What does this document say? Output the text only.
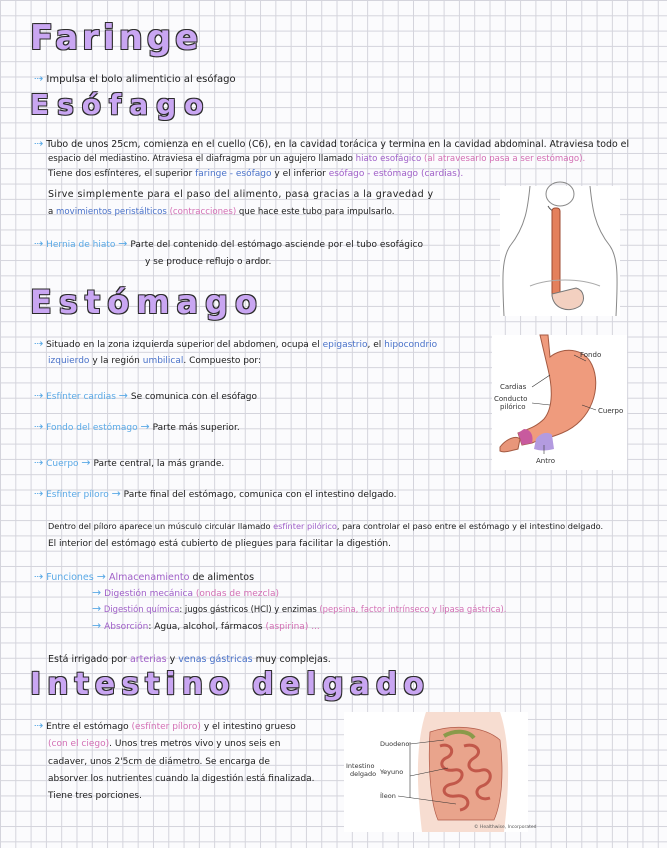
Faringe
Esófago
Estómago
Intestino delgado
⇢ Impulsa el bolo alimenticio al esófago
⇢ Tubo de unos 25cm, comienza en el cuello (C6), en la cavidad torácica y termina en la cavidad abdominal. Atraviesa todo el
espacio del mediastino. Atraviesa el diafragma por un agujero llamado hiato esofágico (al atravesarlo pasa a ser estómago).
Tiene dos esfínteres, el superior faringe - esófago y el inferior esófago - estómago (cardias).
Sirve simplemente para el paso del alimento, pasa gracias a la gravedad y
a movimientos peristálticos (contracciones) que hace este tubo para impulsarlo.
⇢ Hernia de hiato → Parte del contenido del estómago asciende por el tubo esofágico
y se produce reflujo o ardor.
⇢ Situado en la zona izquierda superior del abdomen, ocupa el epigastrio, el hipocondrio
izquierdo y la región umbilical. Compuesto por:
⇢ Esfínter cardias → Se comunica con el esófago
⇢ Fondo del estómago → Parte más superior.
⇢ Cuerpo → Parte central, la más grande.
⇢ Esfínter píloro → Parte final del estómago, comunica con el intestino delgado.
Dentro del píloro aparece un músculo circular llamado esfínter pilórico, para controlar el paso entre el estómago y el intestino delgado.
El interior del estómago está cubierto de pliegues para facilitar la digestión.
⇢ Funciones → Almacenamiento de alimentos
→ Digestión mecánica (ondas de mezcla)
→ Digestión química: jugos gástricos (HCl) y enzimas (pepsina, factor intrínseco y lipasa gástrica).
→ Absorción: Agua, alcohol, fármacos (aspirina) ...
Está irrigado por arterias y venas gástricas muy complejas.
Fondo
Cardias
Conducto
pilórico	Cuerpo
Antro
⇢ Entre el estómago (esfínter píloro) y el intestino grueso
(con el ciego). Unos tres metros vivo y unos seis en
cadaver, unos 2'5cm de diámetro. Se encarga de
absorver los nutrientes cuando la digestión está finalizada.
Tiene tres porciones.
Duodeno
Yeyuno
Íleon
Intestino
delgado
© Healthwise, Incorporated
